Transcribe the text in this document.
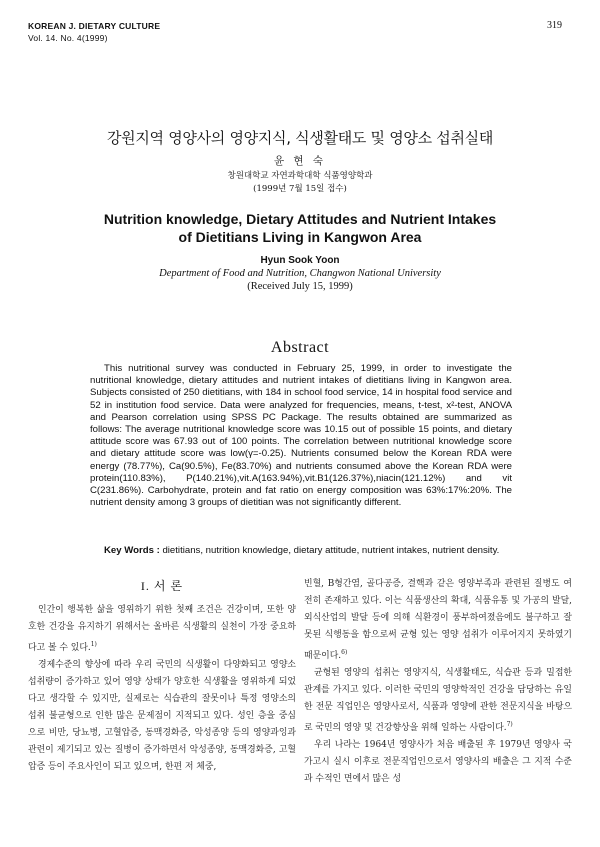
KOREAN J. DIETARY CULTURE
Vol. 14. No. 4(1999)
319
강원지역 영양사의 영양지식, 식생활태도 및 영양소 섭취실태
윤 현 숙
창원대학교 자연과학대학 식품영양학과
(1999년 7월 15일 접수)
Nutrition knowledge, Dietary Attitudes and Nutrient Intakes
of Dietitians Living in Kangwon Area
Hyun Sook Yoon
Department of Food and Nutrition, Changwon National University
(Received July 15, 1999)
Abstract

This nutritional survey was conducted in February 25, 1999, in order to investigate the nutritional knowledge, dietary attitudes and nutrient intakes of dietitians living in Kangwon area. Subjects consisted of 250 dietitians, with 184 in school food service, 14 in hospital food service and 52 in institution food service. Data were analyzed for frequencies, means, t-test, x²-test, ANOVA and Pearson correlation using SPSS PC Package. The results obtained are summarized as follows: The average nutritional knowledge score was 10.15 out of possible 15 points, and dietary attitude score was 67.93 out of 100 points. The correlation between nutritional knowledge score and dietary attitude score was low(γ=-0.25). Nutrients consumed below the Korean RDA were energy (78.77%), Ca(90.5%), Fe(83.70%) and nutrients consumed above the Korean RDA were protein(110.83%), P(140.21%),vit.A(163.94%),vit.B1(126.37%),niacin(121.12%) and vit C(231.86%). Carbohydrate, protein and fat ratio on energy composition was 63%:17%:20%. The nutrient density among 3 groups of dietitian was not significantly different.

Key Words : dietitians, nutrition knowledge, dietary attitude, nutrient intakes, nutrient density.
I. 서 론

인간이 행복한 삶을 영위하기 위한 첫째 조건은 건강이며, 또한 양호한 건강을 유지하기 위해서는 올바른 식생활의 실천이 가장 중요하다고 볼 수 있다.$^{1)}$

경제수준의 향상에 따라 우리 국민의 식생활이 다양화되고 영양소 섭취량이 증가하고 있어 영양 상태가 양호한 식생활을 영위하게 되었다고 생각할 수 있지만, 실제로는 식습관의 잘못이나 특정 영양소의 섭취 불균형으로 인한 많은 문제점이 지적되고 있다. 성인 층을 중심으로 비만, 당뇨병, 고혈압증, 동맥경화증, 악성종양 등의 영양과잉과 관련이 제기되고 있는 질병이 증가하면서 악성종양, 동맥경화증, 고혈압증 등이 주요사인이 되고 있으며, 한편 저 체중,

빈혈, B형간염, 골다공증, 결핵과 같은 영양부족과 관련된 질병도 여전히 존재하고 있다. 이는 식품생산의 확대, 식품유통 및 가공의 발달, 외식산업의 발달 등에 의해 식환경이 풍부하여졌음에도 불구하고 잘못된 식행동을 함으로써 균형 있는 영양 섭취가 이루어지지 못하였기 때문이다.$^{6)}$

균형된 영양의 섭취는 영양지식, 식생활태도, 식습관 등과 밀접한 관계를 가지고 있다. 이러한 국민의 영양학적인 건강을 담당하는 유일한 전문 직업인은 영양사로서, 식품과 영양에 관한 전문지식을 바탕으로 국민의 영양 및 건강향상을 위해 일하는 사람이다.$^{7)}$

우리 나라는 1964년 영양사가 처음 배출된 후 1979년 영양사 국가고시 실시 이후로 전문직업인으로서 영양사의 배출은 그 지적 수준과 수적인 면에서 많은 성
